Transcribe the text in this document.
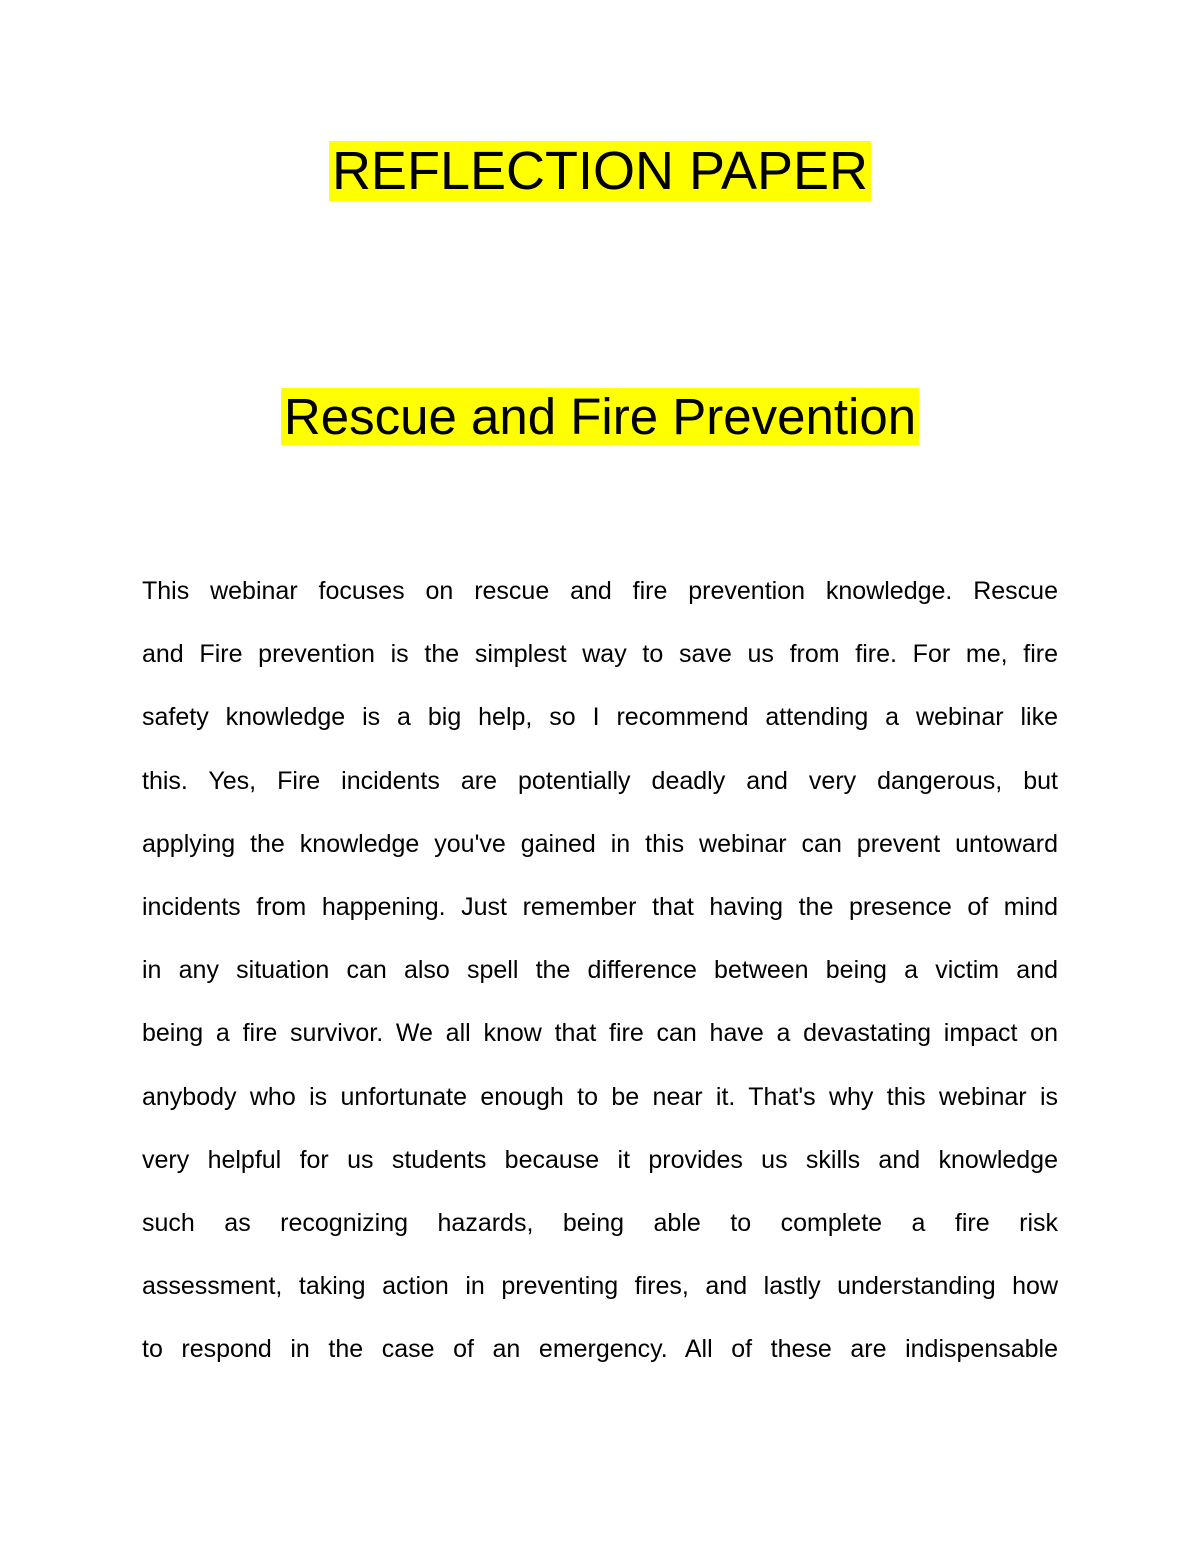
REFLECTION PAPER
Rescue and Fire Prevention
This webinar focuses on rescue and fire prevention knowledge. Rescue
and Fire prevention is the simplest way to save us from fire. For me, fire
safety knowledge is a big help, so I recommend attending a webinar like
this. Yes, Fire incidents are potentially deadly and very dangerous, but
applying the knowledge you've gained in this webinar can prevent untoward
incidents from happening. Just remember that having the presence of mind
in any situation can also spell the difference between being a victim and
being a fire survivor. We all know that fire can have a devastating impact on
anybody who is unfortunate enough to be near it. That's why this webinar is
very helpful for us students because it provides us skills and knowledge
such as recognizing hazards, being able to complete a fire risk
assessment, taking action in preventing fires, and lastly understanding how
to respond in the case of an emergency. All of these are indispensable
